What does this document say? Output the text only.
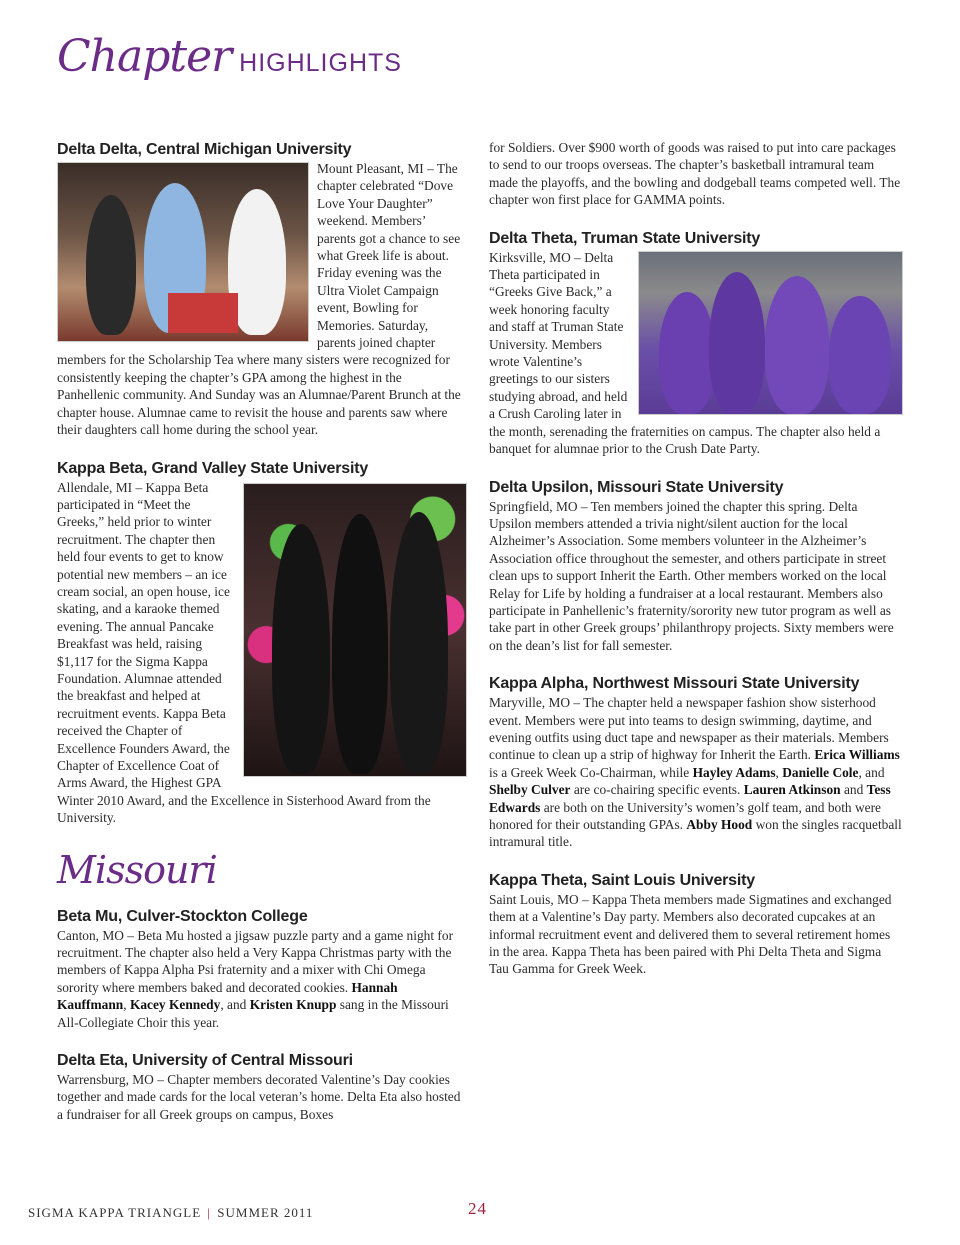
Chapter HIGHLIGHTS
Delta Delta, Central Michigan University

Mount Pleasant, MI – The chapter celebrated “Dove Love Your Daughter” weekend. Members’ parents got a chance to see what Greek life is about. Friday evening was the Ultra Violet Campaign event, Bowling for Memories. Saturday, parents joined chapter members for the Scholarship Tea where many sisters were recognized for consistently keeping the chapter’s GPA among the highest in the Panhellenic community. And Sunday was an Alumnae/Parent Brunch at the chapter house. Alumnae came to revisit the house and parents saw where their daughters call home during the school year.

Kappa Beta, Grand Valley State University

Allendale, MI – Kappa Beta participated in “Meet the Greeks,” held prior to winter recruitment. The chapter then held four events to get to know potential new members – an ice cream social, an open house, ice skating, and a karaoke themed evening. The annual Pancake Breakfast was held, raising $1,117 for the Sigma Kappa Foundation. Alumnae attended the breakfast and helped at recruitment events. Kappa Beta received the Chapter of Excellence Founders Award, the Chapter of Excellence Coat of Arms Award, the Highest GPA Winter 2010 Award, and the Excellence in Sisterhood Award from the University.

Missouri
Beta Mu, Culver-Stockton College

Canton, MO – Beta Mu hosted a jigsaw puzzle party and a game night for recruitment. The chapter also held a Very Kappa Christmas party with the members of Kappa Alpha Psi fraternity and a mixer with Chi Omega sorority where members baked and decorated cookies. Hannah Kauffmann, Kacey Kennedy, and Kristen Knupp sang in the Missouri All-Collegiate Choir this year.

Delta Eta, University of Central Missouri

Warrensburg, MO – Chapter members decorated Valentine’s Day cookies together and made cards for the local veteran’s home. Delta Eta also hosted a fundraiser for all Greek groups on campus, Boxes

for Soldiers. Over $900 worth of goods was raised to put into care packages to send to our troops overseas. The chapter’s basketball intramural team made the playoffs, and the bowling and dodgeball teams competed well. The chapter won first place for GAMMA points.

Delta Theta, Truman State University

Kirksville, MO – Delta Theta participated in “Greeks Give Back,” a week honoring faculty and staff at Truman State University. Members wrote Valentine’s greetings to our sisters studying abroad, and held a Crush Caroling later in the month, serenading the fraternities on campus. The chapter also held a banquet for alumnae prior to the Crush Date Party.

Delta Upsilon, Missouri State University

Springfield, MO – Ten members joined the chapter this spring. Delta Upsilon members attended a trivia night/silent auction for the local Alzheimer’s Association. Some members volunteer in the Alzheimer’s Association office throughout the semester, and others participate in street clean ups to support Inherit the Earth. Other members worked on the local Relay for Life by holding a fundraiser at a local restaurant. Members also participate in Panhellenic’s fraternity/sorority new tutor program as well as take part in other Greek groups’ philanthropy projects. Sixty members were on the dean’s list for fall semester.

Kappa Alpha, Northwest Missouri State University

Maryville, MO – The chapter held a newspaper fashion show sisterhood event. Members were put into teams to design swimming, daytime, and evening outfits using duct tape and newspaper as their materials. Members continue to clean up a strip of highway for Inherit the Earth. Erica Williams is a Greek Week Co-Chairman, while Hayley Adams, Danielle Cole, and Shelby Culver are co-chairing specific events. Lauren Atkinson and Tess Edwards are both on the University’s women’s golf team, and both were honored for their outstanding GPAs. Abby Hood won the singles racquetball intramural title.

Kappa Theta, Saint Louis University

Saint Louis, MO – Kappa Theta members made Sigmatines and exchanged them at a Valentine’s Day party. Members also decorated cupcakes at an informal recruitment event and delivered them to several retirement homes in the area. Kappa Theta has been paired with Phi Delta Theta and Sigma Tau Gamma for Greek Week.

SIGMA KAPPA TRIANGLE | SUMMER 2011	24
